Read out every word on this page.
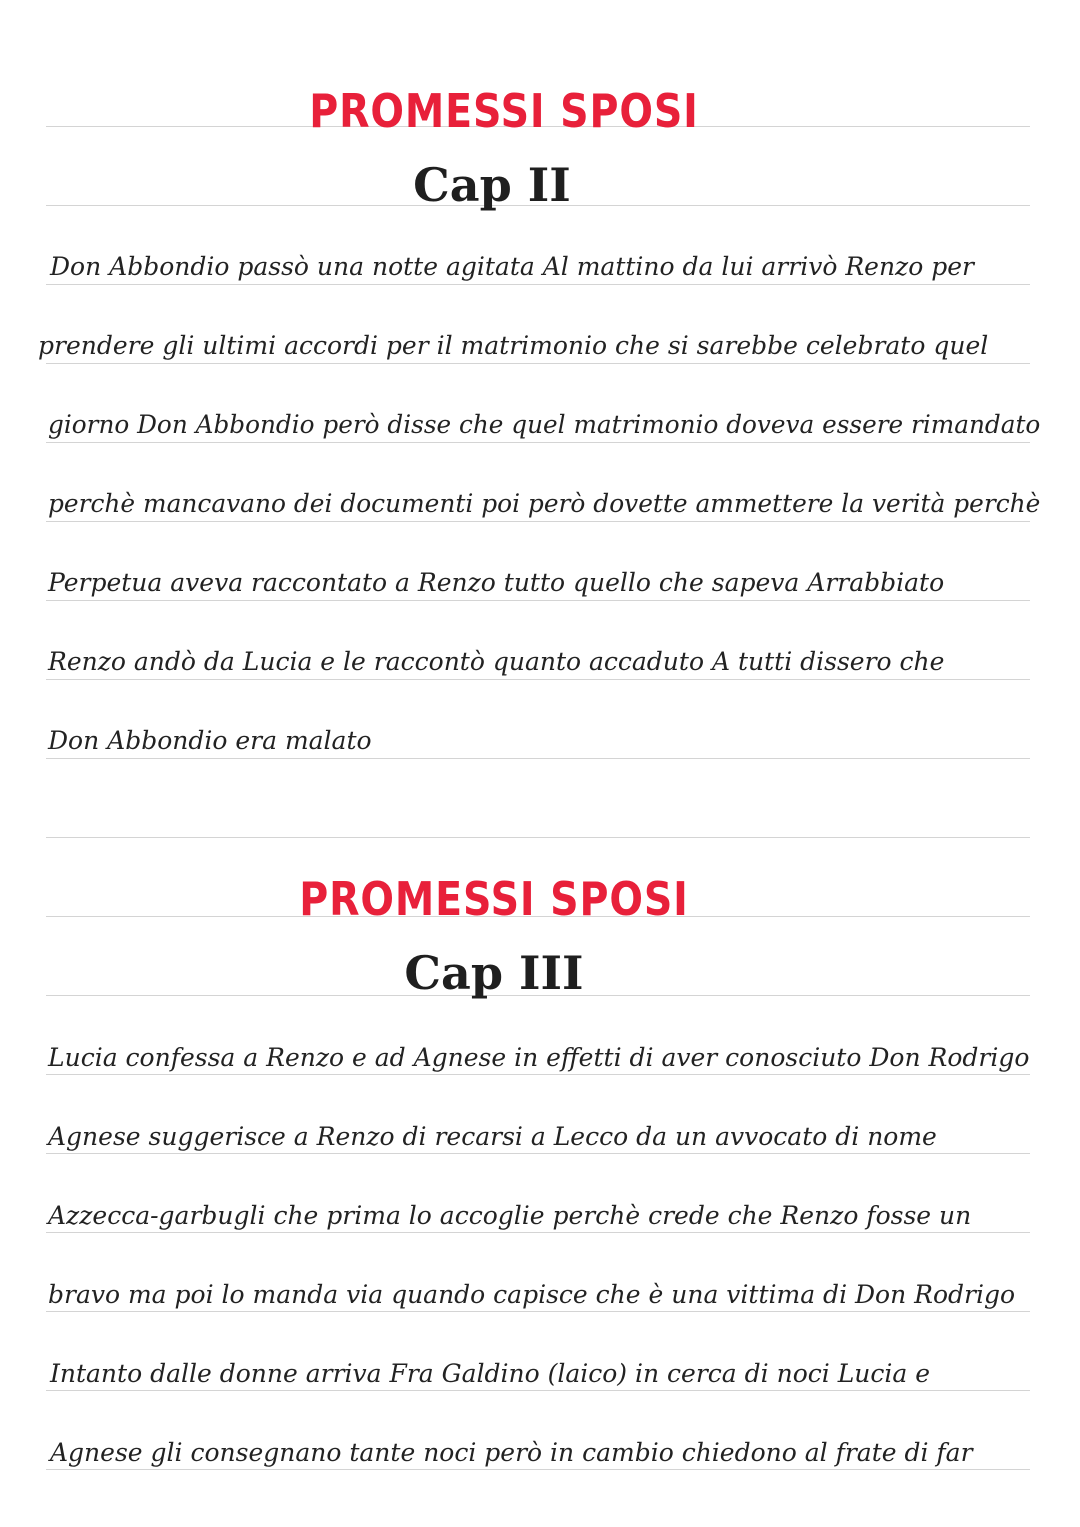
PROMESSI SPOSI
Cap II
Don Abbondio passò una notte agitata Al mattino da lui arrivò Renzo per
prendere gli ultimi accordi per il matrimonio che si sarebbe celebrato quel
giorno Don Abbondio però disse che quel matrimonio doveva essere rimandato
perchè mancavano dei documenti poi però dovette ammettere la verità perchè
Perpetua aveva raccontato a Renzo tutto quello che sapeva Arrabbiato
Renzo andò da Lucia e le raccontò quanto accaduto A tutti dissero che
Don Abbondio era malato
PROMESSI SPOSI
Cap III
Lucia confessa a Renzo e ad Agnese in effetti di aver conosciuto Don Rodrigo
Agnese suggerisce a Renzo di recarsi a Lecco da un avvocato di nome
Azzecca-garbugli che prima lo accoglie perchè crede che Renzo fosse un
bravo ma poi lo manda via quando capisce che è una vittima di Don Rodrigo
Intanto dalle donne arriva Fra Galdino (laico) in cerca di noci Lucia e
Agnese gli consegnano tante noci però in cambio chiedono al frate di far
